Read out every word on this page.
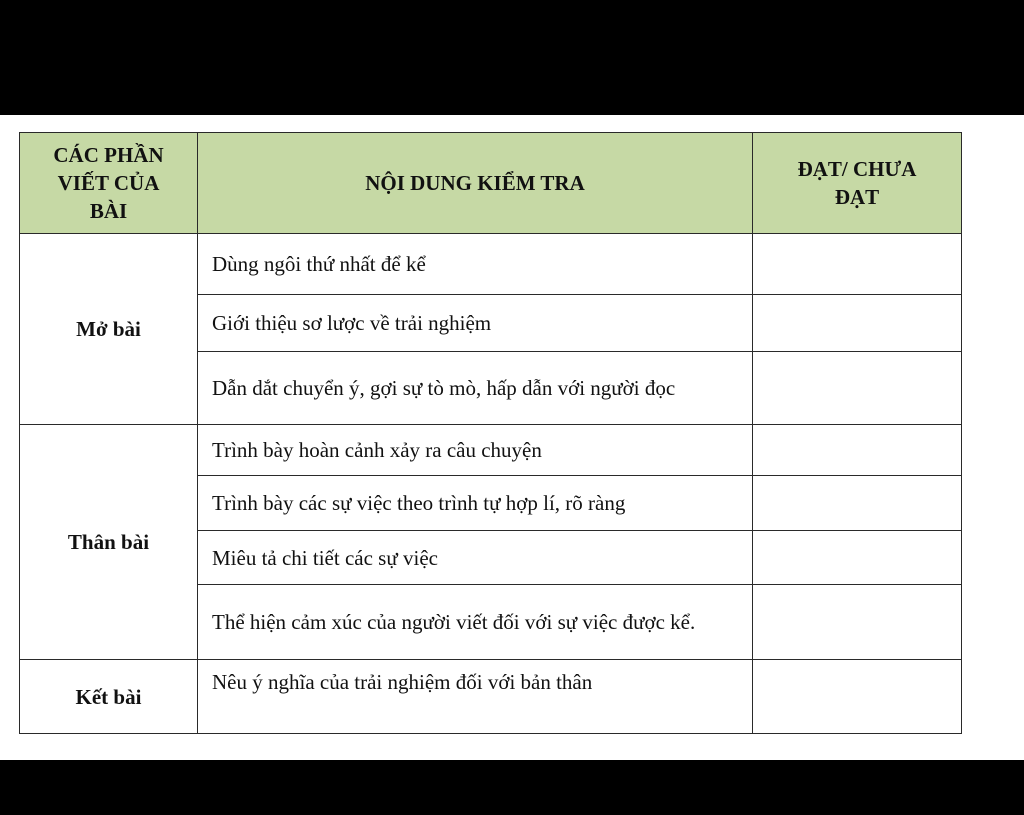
CÁC PHẦN VIẾT CỦA BÀI	NỘI DUNG KIỂM TRA	ĐẠT/ CHƯA ĐẠT
Mở bài	Dùng ngôi thứ nhất để kể	
	Giới thiệu sơ lược về trải nghiệm	
	Dẫn dắt chuyển ý, gợi sự tò mò, hấp dẫn với người đọc	
Thân bài	Trình bày hoàn cảnh xảy ra câu chuyện	
	Trình bày các sự việc theo trình tự hợp lí, rõ ràng	
	Miêu tả chi tiết các sự việc	
	Thể hiện cảm xúc của người viết đối với sự việc được kể.	
Kết bài	Nêu ý nghĩa của trải nghiệm đối với bản thân	
